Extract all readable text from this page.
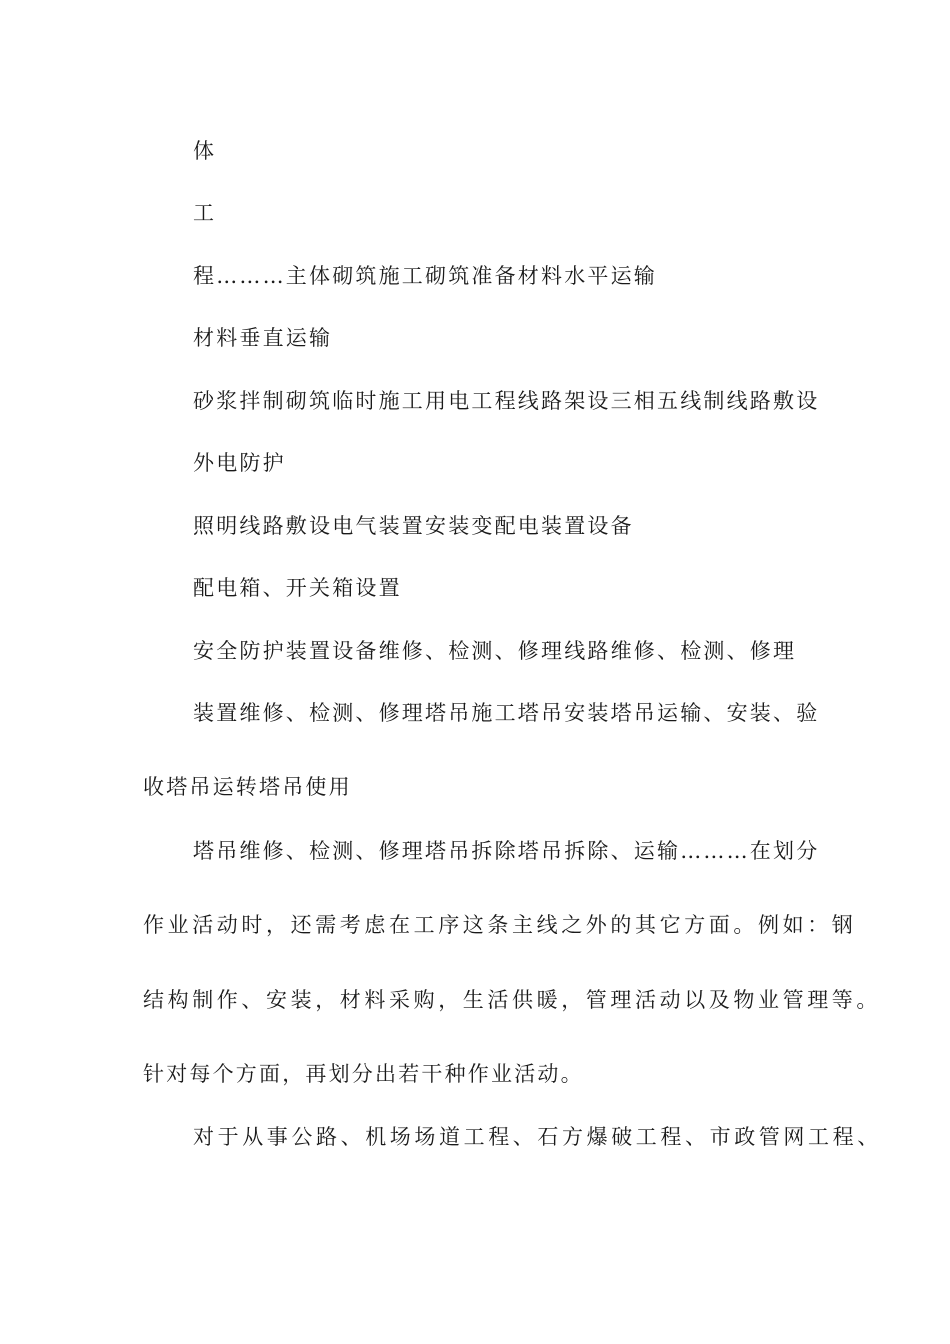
体
工
程………主体砌筑施工砌筑准备材料水平运输
材料垂直运输
砂浆拌制砌筑临时施工用电工程线路架设三相五线制线路敷设
外电防护
照明线路敷设电气装置安装变配电装置设备
配电箱、开关箱设置
安全防护装置设备维修、检测、修理线路维修、检测、修理
装置维修、检测、修理塔吊施工塔吊安装塔吊运输、安装、验
收塔吊运转塔吊使用
塔吊维修、检测、修理塔吊拆除塔吊拆除、运输………在划分
作业活动时，还需考虑在工序这条主线之外的其它方面。例如：钢
结构制作、安装，材料采购，生活供暖，管理活动以及物业管理等。
针对每个方面，再划分出若干种作业活动。
对于从事公路、机场场道工程、石方爆破工程、市政管网工程、
